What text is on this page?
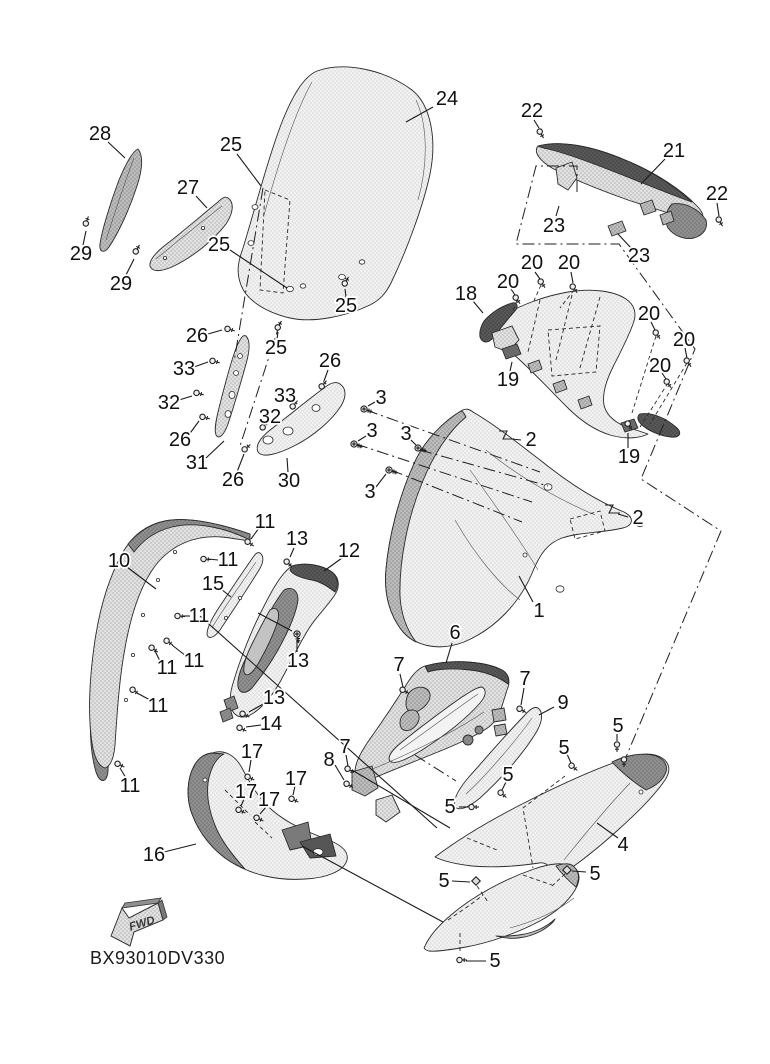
24
28
27
29
29
25
25
25
25
22
21
22
23
23
18
20 20
20
20
20
20
19
19
26
33
32
26
31
26 30
26
33
32
3
3 3
3
2
2
1
10
11
11
11
11
11
11
11
13
12
15
13
13
14
6
7
7
7
8
9
5
5
5
5
5
5
5
4
16
17
17
17 17
FWD
BX93010DV330
